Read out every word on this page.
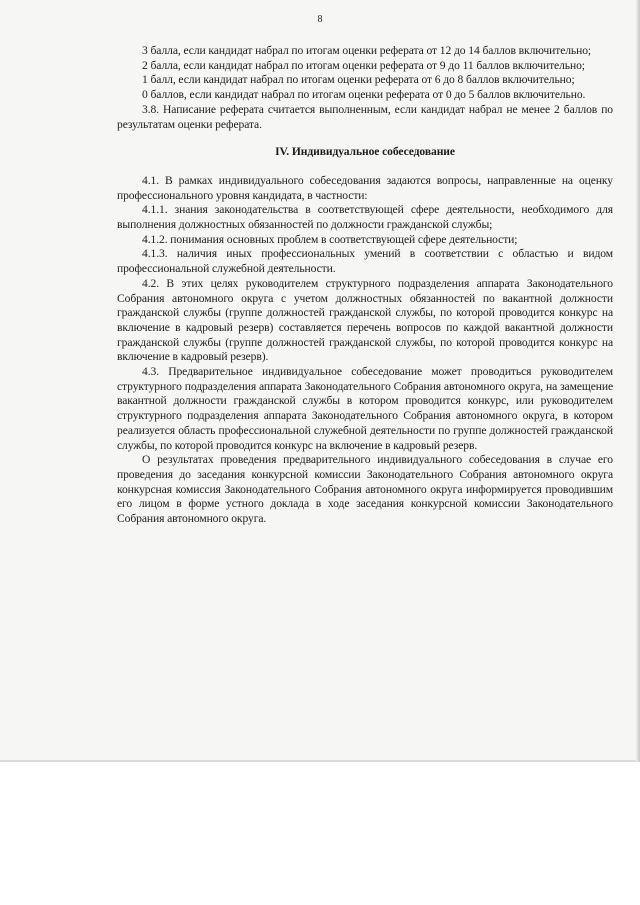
8

3 балла, если кандидат набрал по итогам оценки реферата от 12 до 14 баллов включительно;

2 балла, если кандидат набрал по итогам оценки реферата от 9 до 11 баллов включительно;

1 балл, если кандидат набрал по итогам оценки реферата от 6 до 8 баллов включительно;

0 баллов, если кандидат набрал по итогам оценки реферата от 0 до 5 баллов включительно.

3.8. Написание реферата считается выполненным, если кандидат набрал не менее 2 баллов по результатам оценки реферата.

IV. Индивидуальное собеседование

4.1. В рамках индивидуального собеседования задаются вопросы, направленные на оценку профессионального уровня кандидата, в частности:

4.1.1. знания законодательства в соответствующей сфере деятельности, необходимого для выполнения должностных обязанностей по должности гражданской службы;

4.1.2. понимания основных проблем в соответствующей сфере деятельности;

4.1.3. наличия иных профессиональных умений в соответствии с областью и видом профессиональной служебной деятельности.

4.2. В этих целях руководителем структурного подразделения аппарата Законодательного Собрания автономного округа с учетом должностных обязанностей по вакантной должности гражданской службы (группе должностей гражданской службы, по которой проводится конкурс на включение в кадровый резерв) составляется перечень вопросов по каждой вакантной должности гражданской службы (группе должностей гражданской службы, по которой проводится конкурс на включение в кадровый резерв).

4.3. Предварительное индивидуальное собеседование может проводиться руководителем структурного подразделения аппарата Законодательного Собрания автономного округа, на замещение вакантной должности гражданской службы в котором проводится конкурс, или руководителем структурного подразделения аппарата Законодательного Собрания автономного округа, в котором реализуется область профессиональной служебной деятельности по группе должностей гражданской службы, по которой проводится конкурс на включение в кадровый резерв.

О результатах проведения предварительного индивидуального собеседования в случае его проведения до заседания конкурсной комиссии Законодательного Собрания автономного округа конкурсная комиссия Законодательного Собрания автономного округа информируется проводившим его лицом в форме устного доклада в ходе заседания конкурсной комиссии Законодательного Собрания автономного округа.
